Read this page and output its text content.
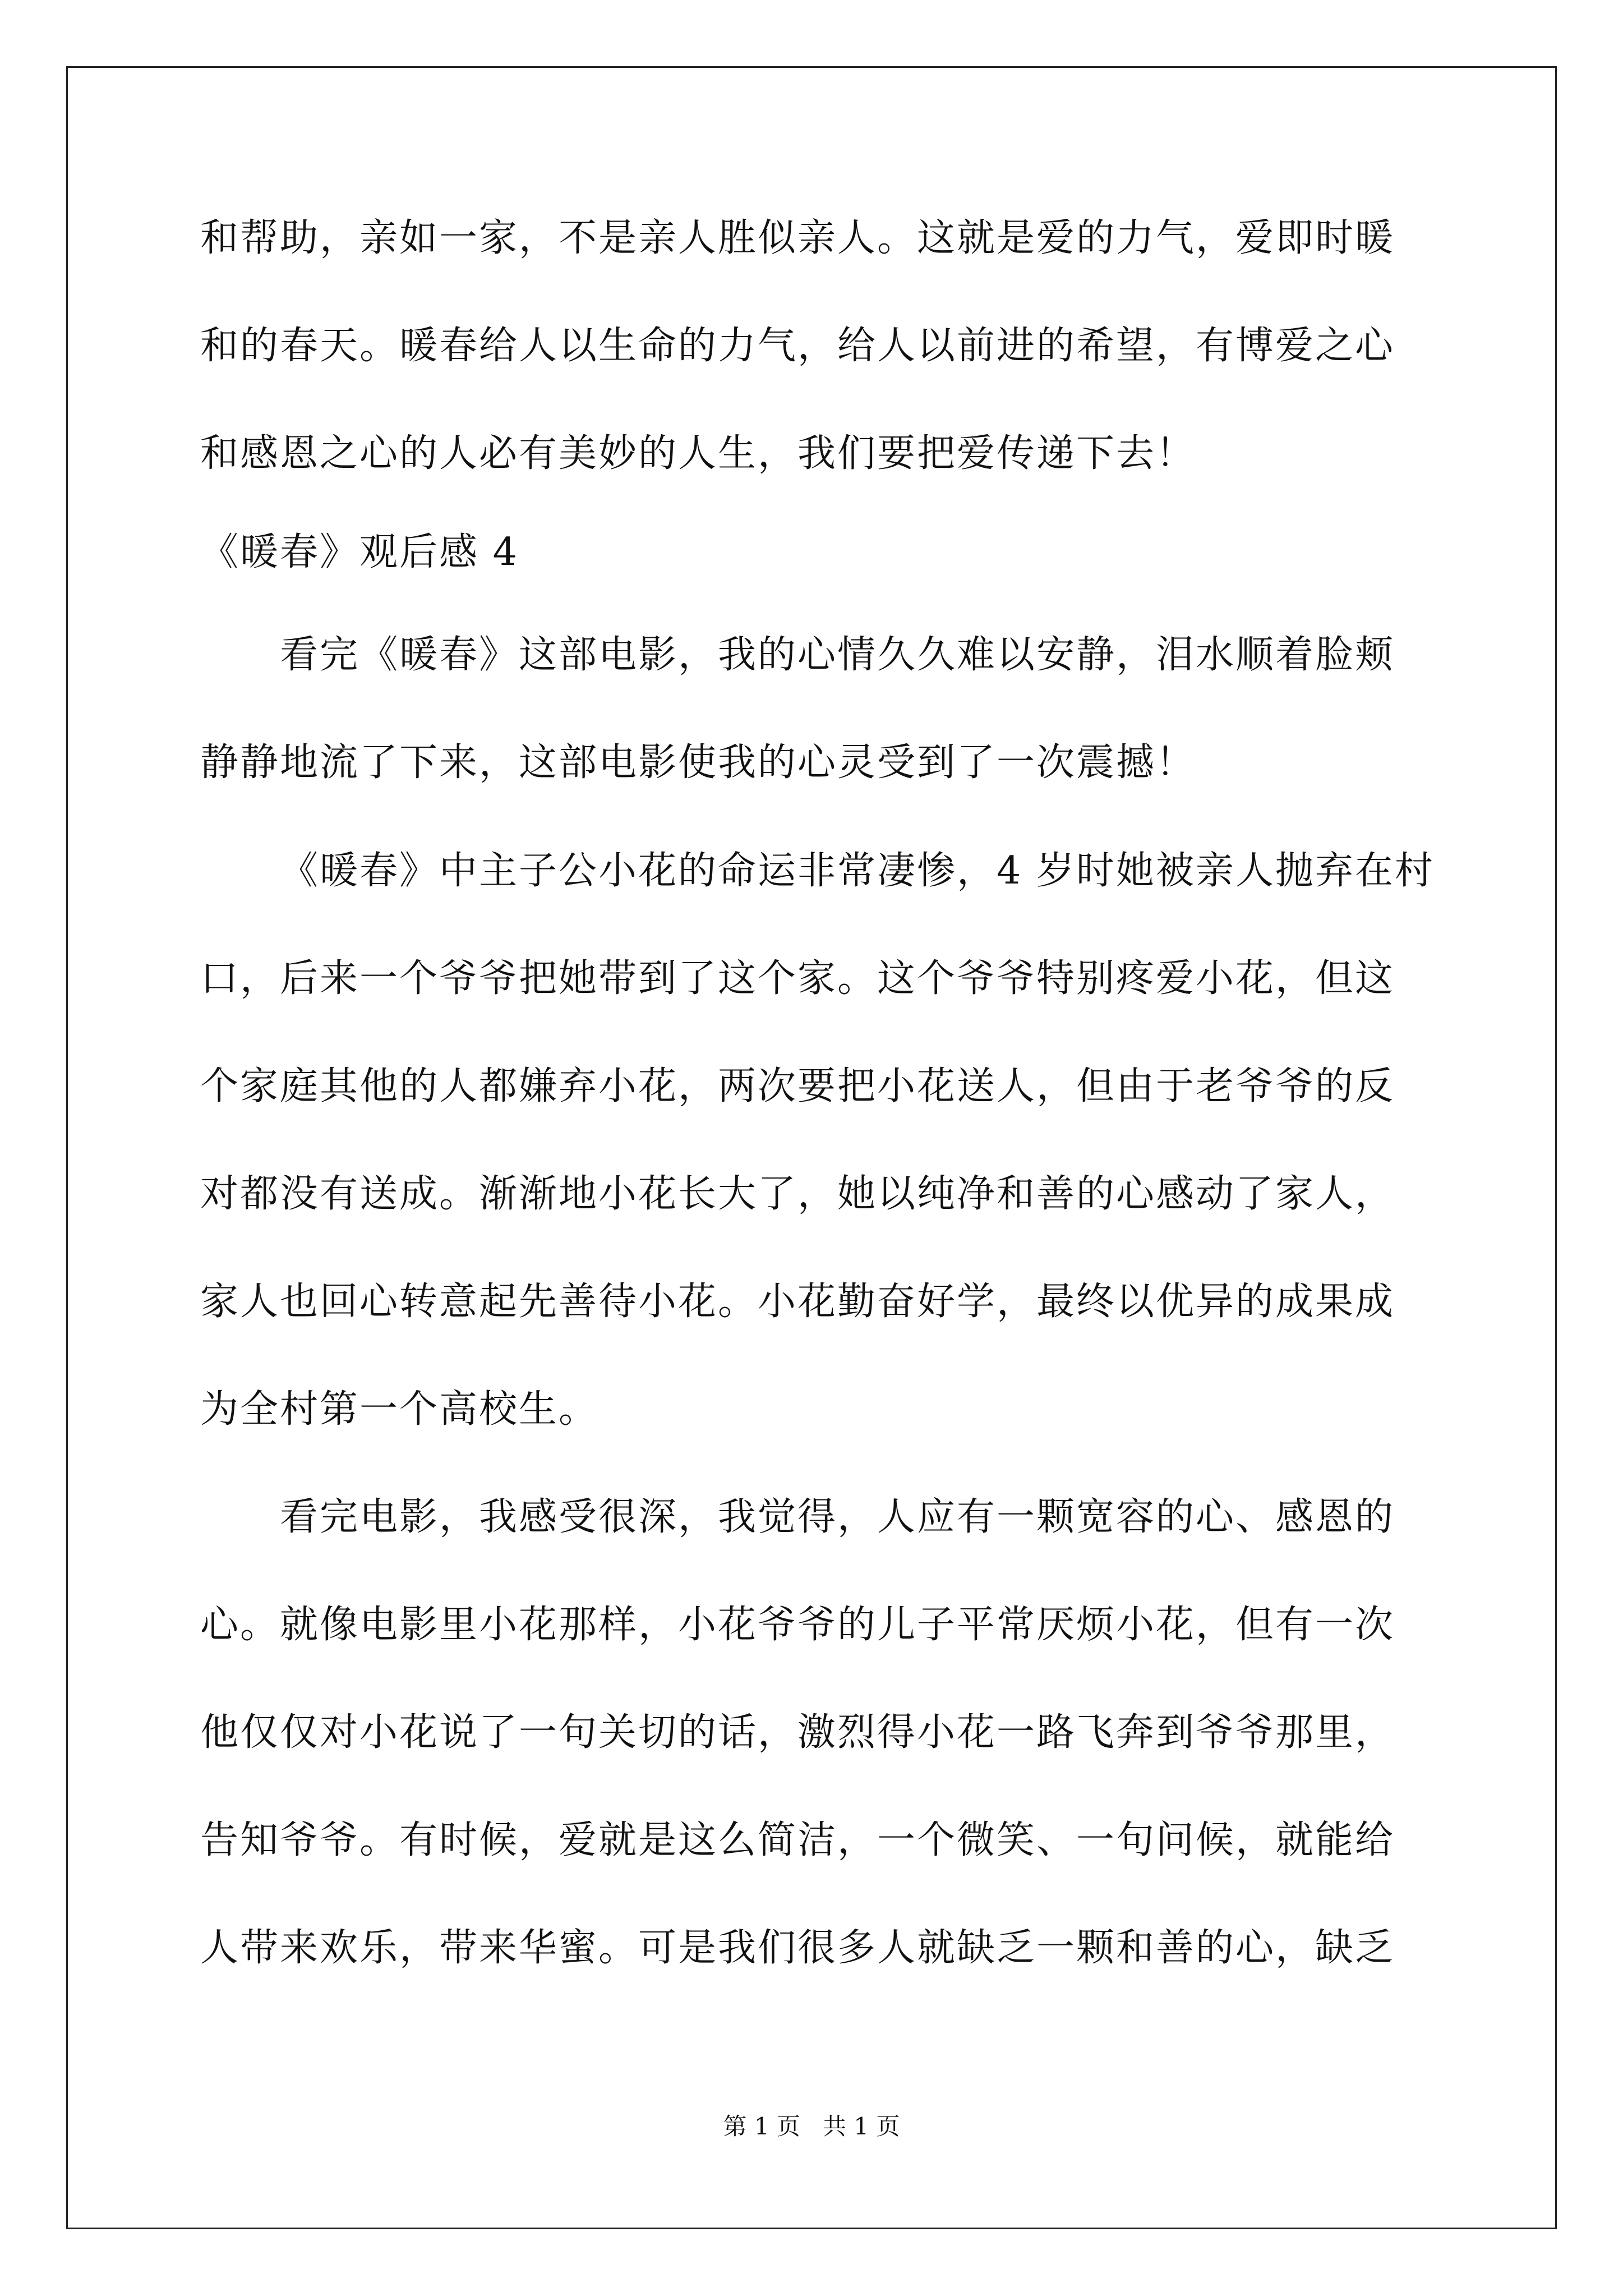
和帮助，亲如一家，不是亲人胜似亲人。这就是爱的力气，爱即时暖
和的春天。暖春给人以生命的力气，给人以前进的希望，有博爱之心
和感恩之心的人必有美妙的人生，我们要把爱传递下去！
《暖春》观后感 4
看完《暖春》这部电影，我的心情久久难以安静，泪水顺着脸颊
静静地流了下来，这部电影使我的心灵受到了一次震撼！
《暖春》中主子公小花的命运非常凄惨，4 岁时她被亲人抛弃在村
口，后来一个爷爷把她带到了这个家。这个爷爷特别疼爱小花，但这
个家庭其他的人都嫌弃小花，两次要把小花送人，但由于老爷爷的反
对都没有送成。渐渐地小花长大了，她以纯净和善的心感动了家人，
家人也回心转意起先善待小花。小花勤奋好学，最终以优异的成果成
为全村第一个高校生。
看完电影，我感受很深，我觉得，人应有一颗宽容的心、感恩的
心。就像电影里小花那样，小花爷爷的儿子平常厌烦小花，但有一次
他仅仅对小花说了一句关切的话，激烈得小花一路飞奔到爷爷那里，
告知爷爷。有时候，爱就是这么简洁，一个微笑、一句问候，就能给
人带来欢乐，带来华蜜。可是我们很多人就缺乏一颗和善的心，缺乏
第 1 页   共 1 页
